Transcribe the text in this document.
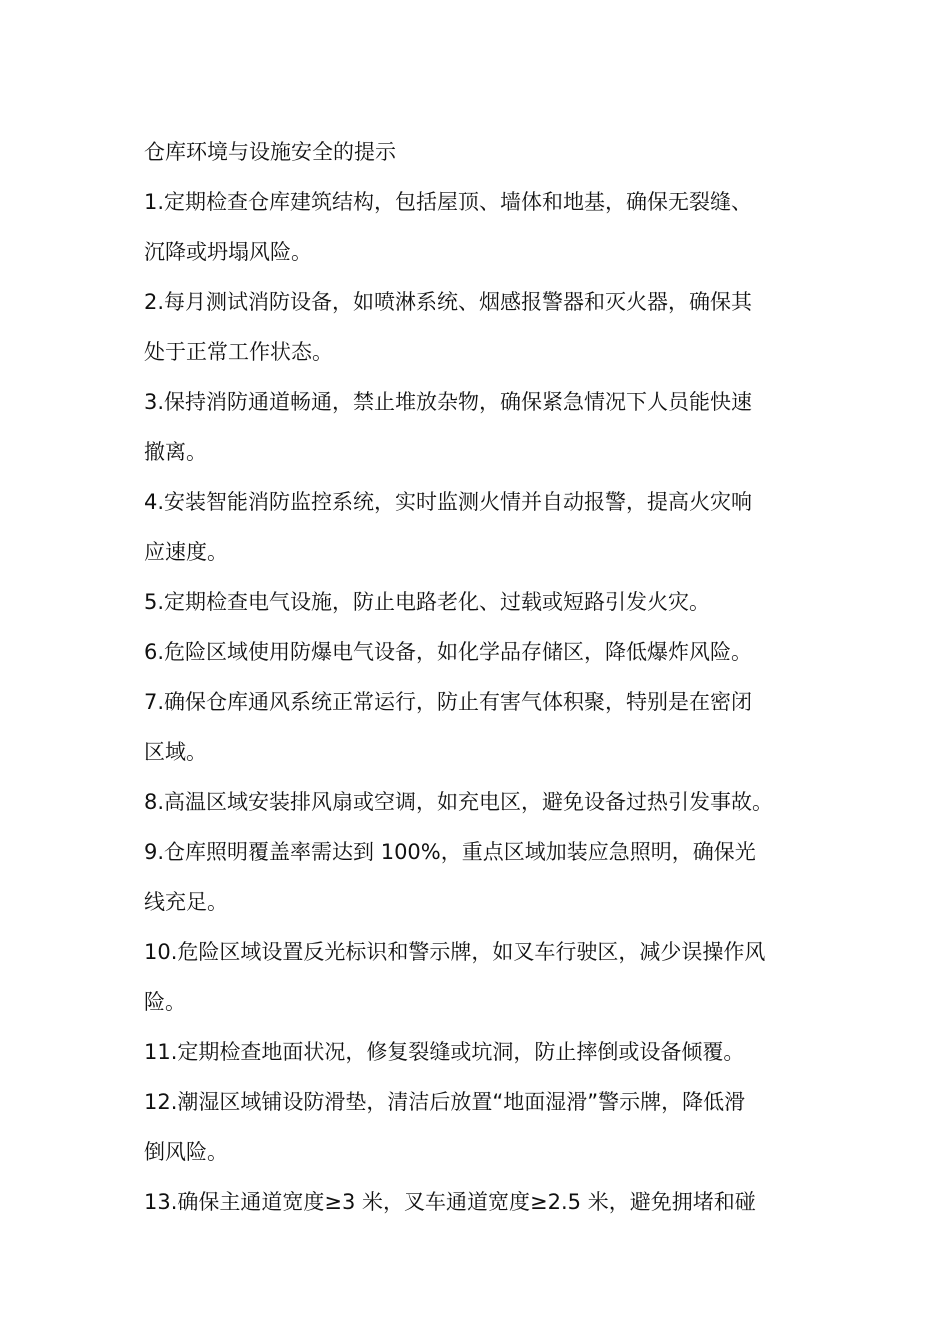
仓库环境与设施安全的提示
1.定期检查仓库建筑结构，包括屋顶、墙体和地基，确保无裂缝、
沉降或坍塌风险。
2.每月测试消防设备，如喷淋系统、烟感报警器和灭火器，确保其
处于正常工作状态。
3.保持消防通道畅通，禁止堆放杂物，确保紧急情况下人员能快速
撤离。
4.安装智能消防监控系统，实时监测火情并自动报警，提高火灾响
应速度。
5.定期检查电气设施，防止电路老化、过载或短路引发火灾。
6.危险区域使用防爆电气设备，如化学品存储区，降低爆炸风险。
7.确保仓库通风系统正常运行，防止有害气体积聚，特别是在密闭
区域。
8.高温区域安装排风扇或空调，如充电区，避免设备过热引发事故。
9.仓库照明覆盖率需达到 100%，重点区域加装应急照明，确保光
线充足。
10.危险区域设置反光标识和警示牌，如叉车行驶区，减少误操作风
险。
11.定期检查地面状况，修复裂缝或坑洞，防止摔倒或设备倾覆。
12.潮湿区域铺设防滑垫，清洁后放置“地面湿滑”警示牌，降低滑
倒风险。
13.确保主通道宽度≥3 米，叉车通道宽度≥2.5 米，避免拥堵和碰
